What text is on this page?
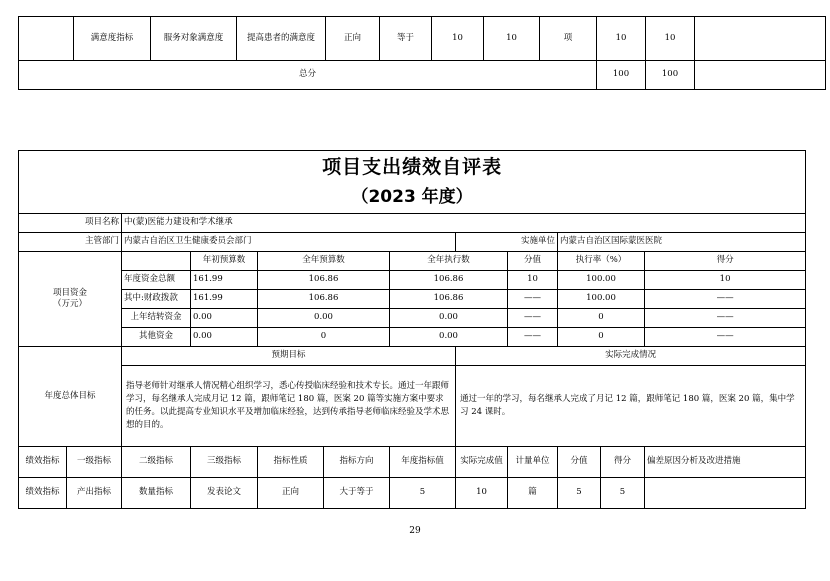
	满意度指标	服务对象满意度	提高患者的满意度	正向	等于	10	10	项	10	10	
总分									100	100	
项目支出绩效自评表
（2023 年度）											

项目名称		中(蒙)医能力建设和学术继承									
主管部门		内蒙古自治区卫生健康委员会部门					实施单位		内蒙古自治区国际蒙医医院		
项目资金
（万元）			年初预算数	全年预算数		全年执行数		分值	执行率（%）		得分
		年度资金总额	161.99	106.86		106.86		10	100.00		10
		其中:财政拨款	161.99	106.86		106.86		——	100.00		——
		上年结转资金	0.00	0.00		0.00		——	0		——
		其他资金	0.00	0		0.00		——	0		——
年度总体目标		预期目标					实际完成情况				
		指导老师针对继承人情况精心组织学习，悉心传授临床经验和技术专长。通过一年跟师学习，每名继承人完成月记 12 篇，跟师笔记 180 篇，医案 20 篇等实施方案中要求的任务。以此提高专业知识水平及增加临床经验，达到传承指导老师临床经验及学术思想的目的。					通过一年的学习，每名继承人完成了月记 12 篇，跟师笔记 180 篇，医案 20 篇，集中学习 24 课时。				
绩效指标	一级指标	二级指标	三级指标	指标性质	指标方向	年度指标值	实际完成值	计量单位	分值	得分	偏差原因分析及改进措施
绩效指标	产出指标	数量指标	发表论文	正向	大于等于	5	10	篇	5	5	
29
